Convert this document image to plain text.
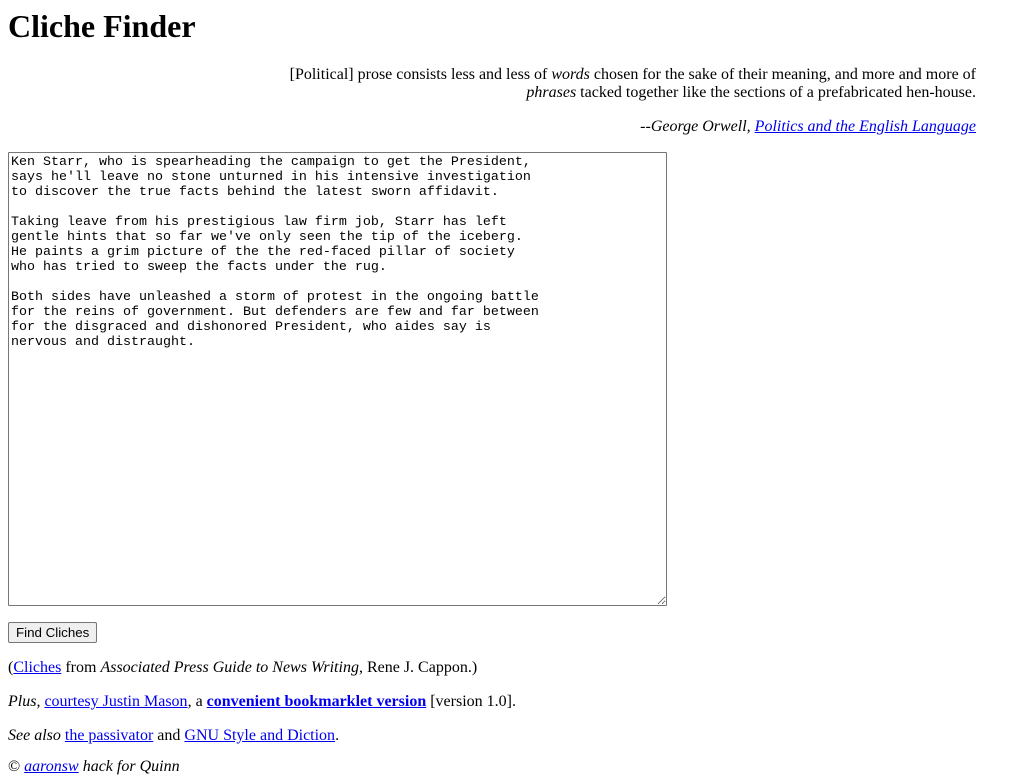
Cliche Finder
[Political] prose consists less and less of words chosen for the sake of their meaning, and more and more of phrases tacked together like the sections of a prefabricated hen-house.
--George Orwell, Politics and the English Language
Ken Starr, who is spearheading the campaign to get the President, says he'll leave no stone unturned in his intensive investigation to discover the true facts behind the latest sworn affidavit. Taking leave from his prestigious law firm job, Starr has left gentle hints that so far we've only seen the tip of the iceberg. He paints a grim picture of the the red-faced pillar of society who has tried to sweep the facts under the rug. Both sides have unleashed a storm of protest in the ongoing battle for the reins of government. But defenders are few and far between for the disgraced and dishonored President, who aides say is nervous and distraught.
Find Cliches
(Cliches from Associated Press Guide to News Writing, Rene J. Cappon.)
Plus, courtesy Justin Mason, a convenient bookmarklet version [version 1.0].
See also the passivator and GNU Style and Diction.
© aaronsw hack for Quinn
